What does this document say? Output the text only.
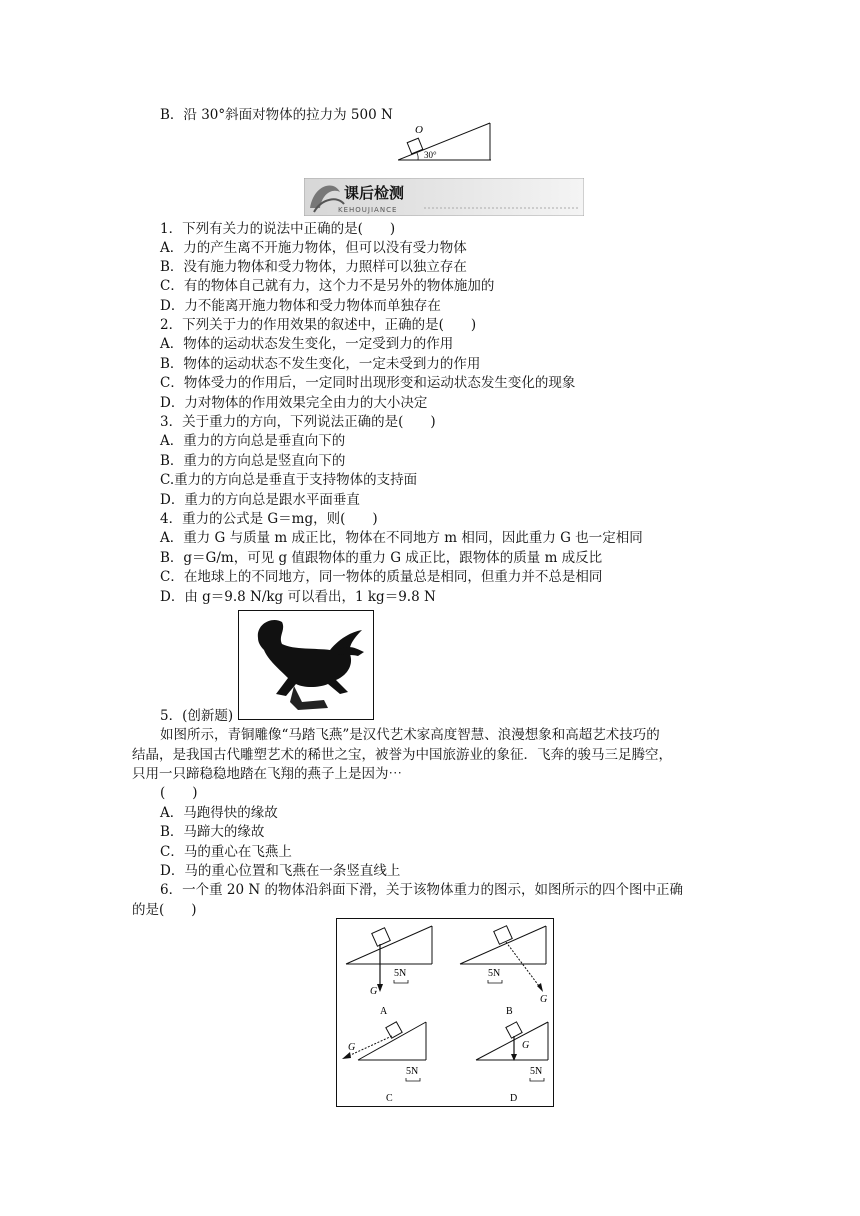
B．沿 30°斜面对物体的拉力为 500 N
O
30°
课后检测
KEHOUJIANCE
1．下列有关力的说法中正确的是(　　)
A．力的产生离不开施力物体，但可以没有受力物体
B．没有施力物体和受力物体，力照样可以独立存在
C．有的物体自己就有力，这个力不是另外的物体施加的
D．力不能离开施力物体和受力物体而单独存在
2．下列关于力的作用效果的叙述中，正确的是(　　)
A．物体的运动状态发生变化，一定受到力的作用
B．物体的运动状态不发生变化，一定未受到力的作用
C．物体受力的作用后，一定同时出现形变和运动状态发生变化的现象
D．力对物体的作用效果完全由力的大小决定
3．关于重力的方向，下列说法正确的是(　　)
A．重力的方向总是垂直向下的
B．重力的方向总是竖直向下的
C.重力的方向总是垂直于支持物体的支持面
D．重力的方向总是跟水平面垂直
4．重力的公式是 G＝mg，则(　　)
A．重力 G 与质量 m 成正比，物体在不同地方 m 相同，因此重力 G 也一定相同
B．g＝G/m，可见 g 值跟物体的重力 G 成正比，跟物体的质量 m 成反比
C．在地球上的不同地方，同一物体的质量总是相同，但重力并不总是相同
D．由 g＝9.8 N/kg 可以看出，1 kg＝9.8 N
5．(创新题)
如图所示，青铜雕像“马踏飞燕”是汉代艺术家高度智慧、浪漫想象和高超艺术技巧的
结晶，是我国古代雕塑艺术的稀世之宝，被誉为中国旅游业的象征．飞奔的骏马三足腾空，
只用一只蹄稳稳地踏在飞翔的燕子上是因为⋯
(　　)
A．马跑得快的缘故
B．马蹄大的缘故
C．马的重心在飞燕上
D．马的重心位置和飞燕在一条竖直线上
6．一个重 20 N 的物体沿斜面下滑，关于该物体重力的图示，如图所示的四个图中正确
的是(　　)
G
5N
A
G
5N
B
G
5N
C
G
5N
D
